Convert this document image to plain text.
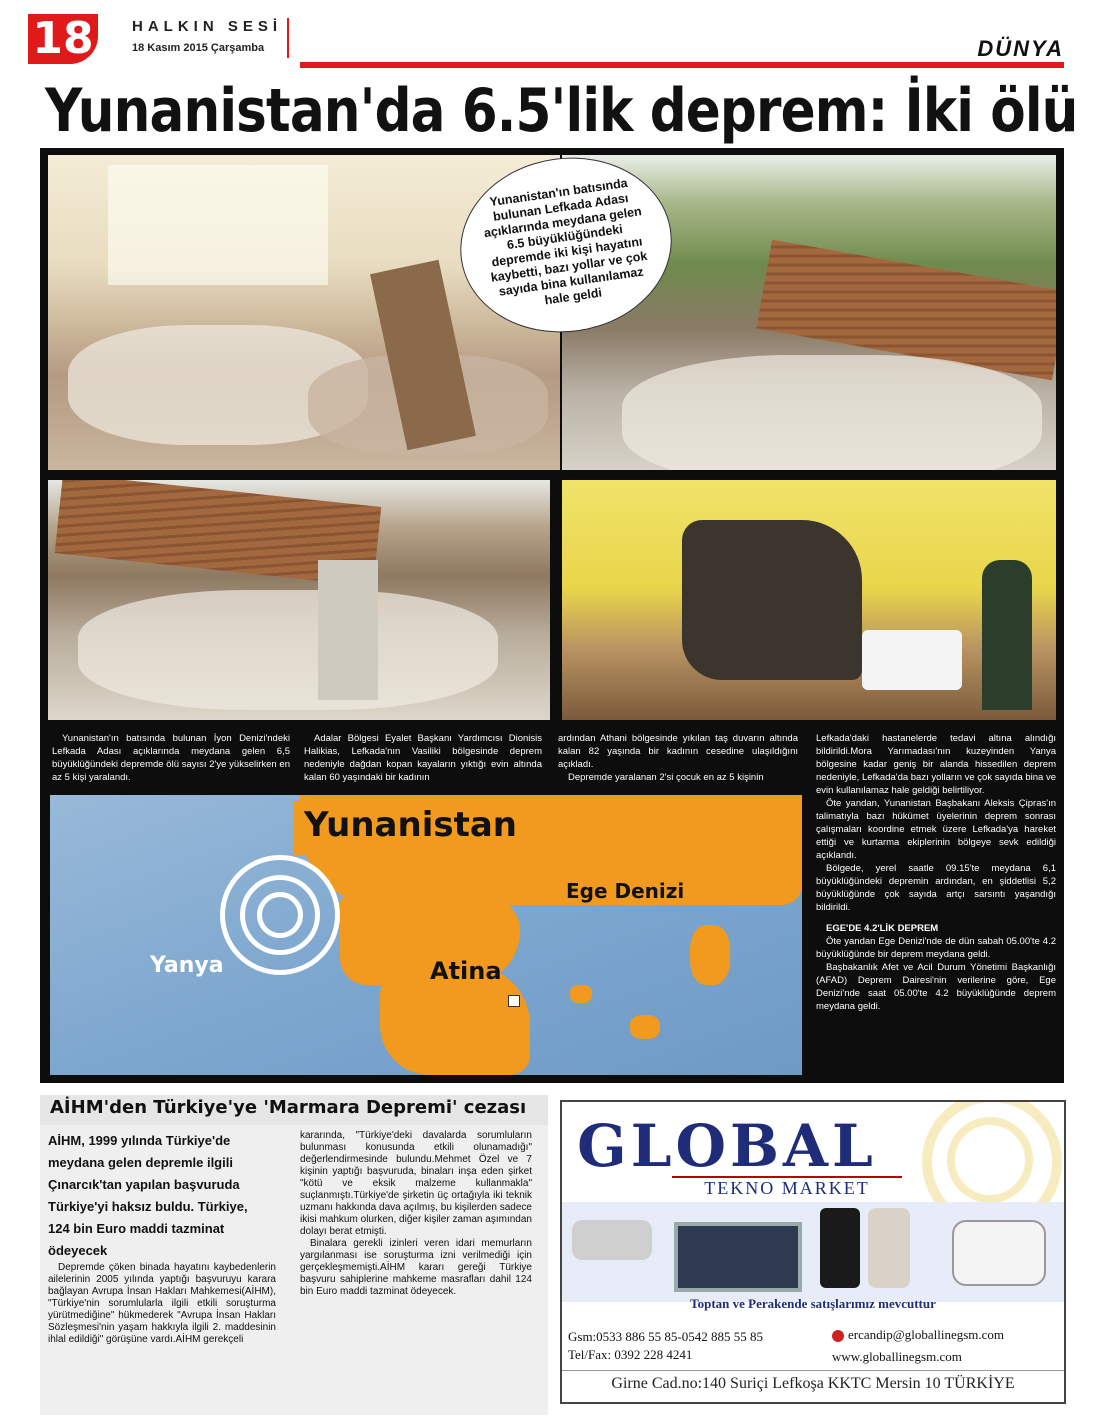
18	HALKIN SESİ
18 Kasım 2015 Çarşamba	DÜNYA
Yunanistan'da 6.5'lik deprem: İki ölü
Yunanistan'ın batısında bulunan Lefkada Adası açıklarında meydana gelen 6.5 büyüklüğündeki depremde iki kişi hayatını kaybetti, bazı yollar ve çok sayıda bina kullanılamaz hale geldi

Yunanistan'ın batısında bulunan İyon Denizi'ndeki Lefkada Adası açıklarında meydana gelen 6,5 büyüklüğündeki depremde ölü sayısı 2'ye yükselirken en az 5 kişi yaralandı.

Adalar Bölgesi Eyalet Başkanı Yardımcısı Dionisis Halikias, Lefkada'nın Vasiliki bölgesinde deprem nedeniyle dağdan kopan kayaların yıktığı evin altında kalan 60 yaşındaki bir kadının

ardından Athani bölgesinde yıkılan taş duvarın altında kalan 82 yaşında bir kadının cesedine ulaşıldığını açıkladı.

Depremde yaralanan 2'si çocuk en az 5 kişinin

Lefkada'daki hastanelerde tedavi altına alındığı bildirildi.Mora Yarımadası'nın kuzeyinden Yanya bölgesine kadar geniş bir alanda hissedilen deprem nedeniyle, Lefkada'da bazı yolların ve çok sayıda bina ve evin kullanılamaz hale geldiği belirtiliyor.

Öte yandan, Yunanistan Başbakanı Aleksis Çipras'ın talimatıyla bazı hükümet üyelerinin deprem sonrası çalışmaları koordine etmek üzere Lefkada'ya hareket ettiği ve kurtarma ekiplerinin bölgeye sevk edildiği açıklandı.

Bölgede, yerel saatle 09.15'te meydana 6,1 büyüklüğündeki depremin ardından, en şiddetlisi 5,2 büyüklüğünde çok sayıda artçı sarsıntı yaşandığı bildirildi.

EGE'DE 4.2'LİK DEPREM

Öte yandan Ege Denizi'nde de dün sabah 05.00'te 4.2 büyüklüğünde bir deprem meydana geldi.

Başbakanlık Afet ve Acil Durum Yönetimi Başkanlığı (AFAD) Deprem Dairesi'nin verilerine göre, Ege Denizi'nde saat 05.00'te 4.2 büyüklüğünde deprem meydana geldi.

Yunanistan
Ege Denizi
Yanya	Atina
AİHM'den Türkiye'ye 'Marmara Depremi' cezası
AİHM, 1999 yılında Türkiye'de meydana gelen depremle ilgili Çınarcık'tan yapılan başvuruda Türkiye'yi haksız buldu. Türkiye, 124 bin Euro maddi tazminat ödeyecek

Depremde çöken binada hayatını kaybedenlerin ailelerinin 2005 yılında yaptığı başvuruyu karara bağlayan Avrupa İnsan Hakları Mahkemesi(AİHM), "Türkiye'nin sorumlularla ilgili etkili soruşturma yürütmediğine" hükmederek "Avrupa İnsan Hakları Sözleşmesi'nin yaşam hakkıyla ilgili 2. maddesinin ihlal edildiği" görüşüne vardı.AİHM gerekçeli

kararında, "Türkiye'deki davalarda sorumluların bulunması konusunda etkili olunamadığı" değerlendirmesinde bulundu.Mehmet Özel ve 7 kişinin yaptığı başvuruda, binaları inşa eden şirket "kötü ve eksik malzeme kullanmakla" suçlanmıştı.Türkiye'de şirketin üç ortağıyla iki teknik uzmanı hakkında dava açılmış, bu kişilerden sadece ikisi mahkum olurken, diğer kişiler zaman aşımından dolayı berat etmişti.

Binalara gerekli izinleri veren idari memurların yargılanması ise soruşturma izni verilmediği için gerçekleşmemişti.AİHM kararı gereği Türkiye başvuru sahiplerine mahkeme masrafları dahil 124 bin Euro maddi tazminat ödeyecek.

GLOBAL
TEKNO MARKET
Toptan ve Perakende satışlarımız mevcuttur
Gsm:0533 886 55 85-0542 885 55 85
Tel/Fax: 0392 228 4241
ercandip@globallinegsm.com
www.globallinegsm.com
Girne Cad.no:140 Suriçi Lefkoşa KKTC Mersin 10 TÜRKİYE
